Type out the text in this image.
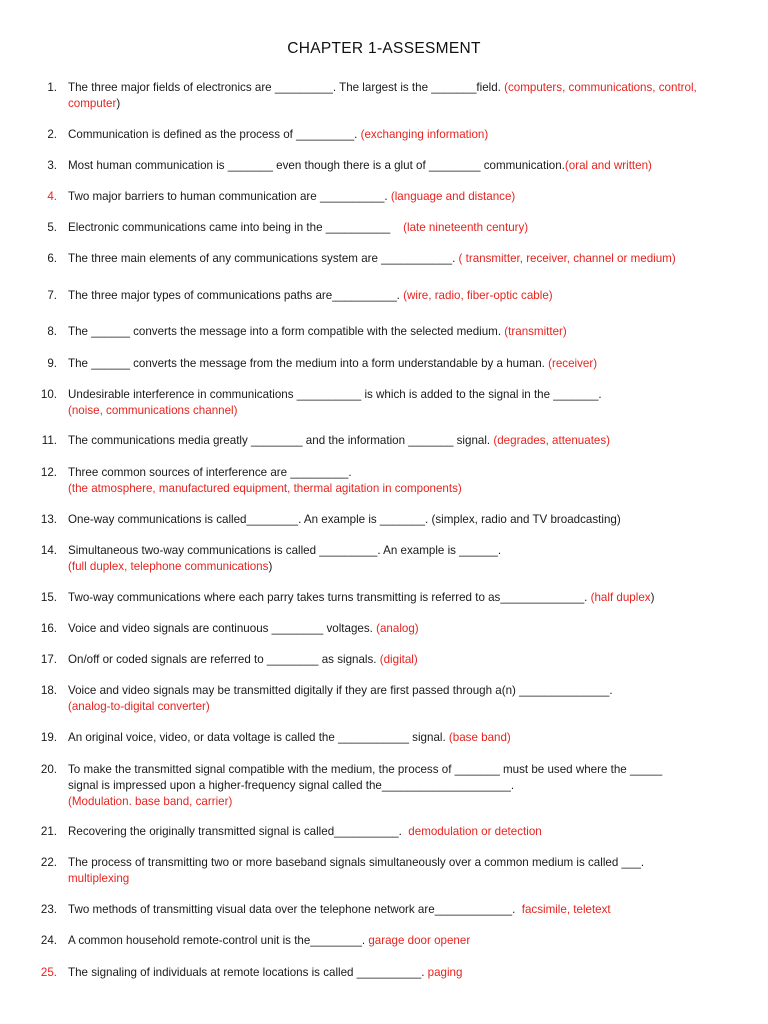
CHAPTER 1-ASSESMENT
1. The three major fields of electronics are _________. The largest is the _______field. (computers, communications, control, computer)
2. Communication is defined as the process of _________. (exchanging information)
3. Most human communication is _______ even though there is a glut of ________ communication.(oral and written)
4. Two major barriers to human communication are __________. (language and distance)
5. Electronic communications came into being in the __________    (late nineteenth century)
6. The three main elements of any communications system are ___________. ( transmitter, receiver, channel or medium)
7. The three major types of communications paths are__________. (wire, radio, fiber-optic cable)
8. The ______ converts the message into a form compatible with the selected medium. (transmitter)
9. The ______ converts the message from the medium into a form understandable by a human. (receiver)
10. Undesirable interference in communications __________ is which is added to the signal in the _______.
(noise, communications channel)
11. The communications media greatly ________ and the information _______ signal. (degrades, attenuates)
12. Three common sources of interference are _________.
(the atmosphere, manufactured equipment, thermal agitation in components)
13. One-way communications is called________. An example is _______. (simplex, radio and TV broadcasting)
14. Simultaneous two-way communications is called _________. An example is ______.
(full duplex, telephone communications)
15. Two-way communications where each parry takes turns transmitting is referred to as_____________. (half duplex)
16. Voice and video signals are continuous ________ voltages. (analog)
17. On/off or coded signals are referred to ________ as signals. (digital)
18. Voice and video signals may be transmitted digitally if they are first passed through a(n) ______________.
(analog-to-digital converter)
19. An original voice, video, or data voltage is called the ___________ signal. (base band)
20. To make the transmitted signal compatible with the medium, the process of _______ must be used where the _____
signal is impressed upon a higher-frequency signal called the____________________.
(Modulation. base band, carrier)
21. Recovering the originally transmitted signal is called__________.  demodulation or detection
22. The process of transmitting two or more baseband signals simultaneously over a common medium is called ___.
multiplexing
23. Two methods of transmitting visual data over the telephone network are____________.  facsimile, teletext
24. A common household remote-control unit is the________. garage door opener
25. The signaling of individuals at remote locations is called __________. paging
